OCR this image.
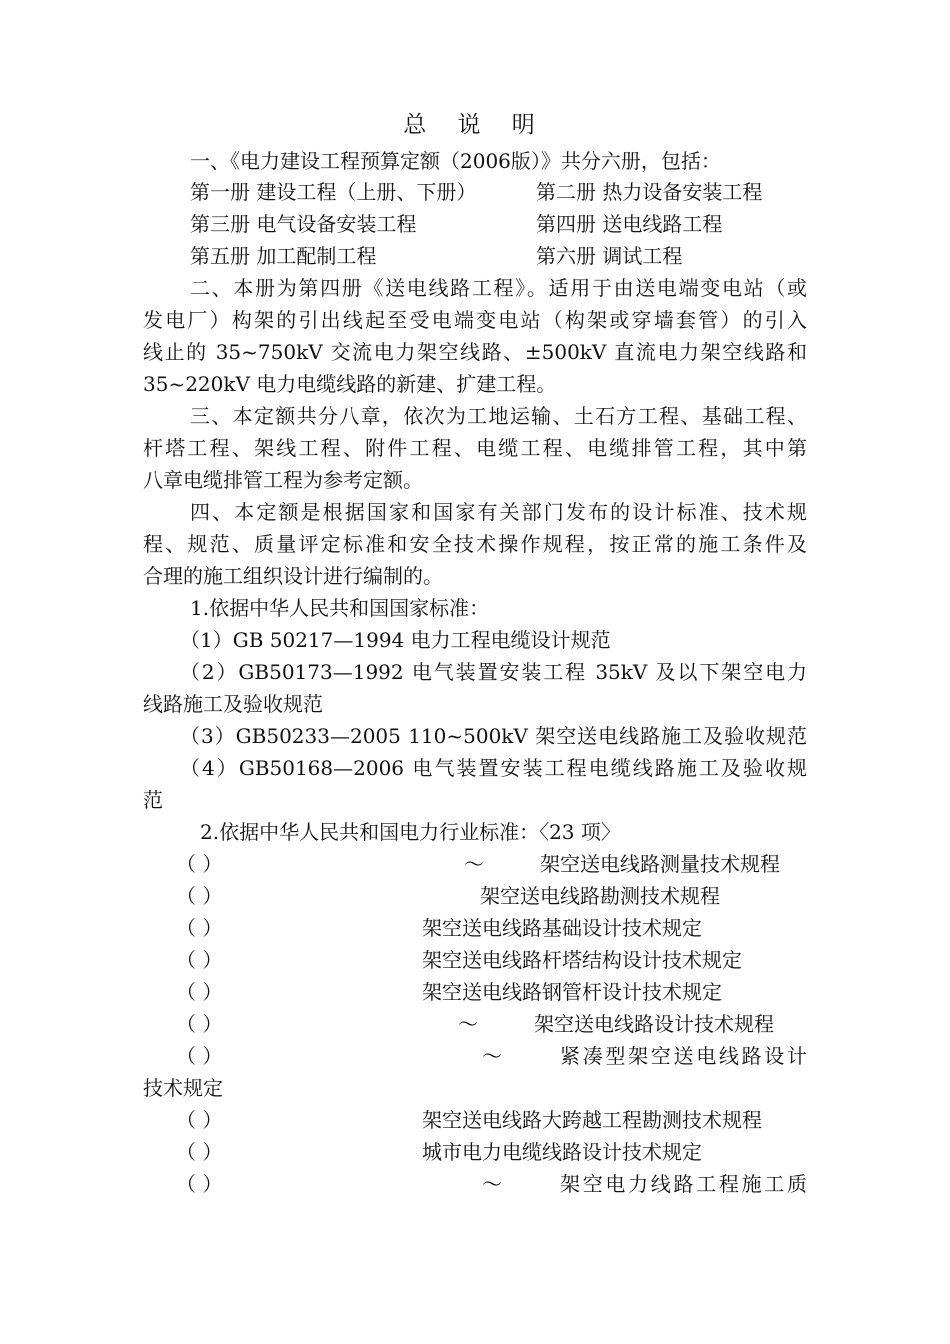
总 说 明
一、《电力建设工程预算定额（2006版）》共分六册，包括：
第一册 建设工程（上册、下册）	第二册 热力设备安装工程
第三册 电气设备安装工程	第四册 送电线路工程
第五册 加工配制工程	第六册 调试工程
二、本册为第四册《送电线路工程》。适用于由送电端变电站（或
发电厂）构架的引出线起至受电端变电站（构架或穿墙套管）的引入
线止的 35~750kV 交流电力架空线路、±500kV 直流电力架空线路和
35~220kV 电力电缆线路的新建、扩建工程。
三、本定额共分八章，依次为工地运输、土石方工程、基础工程、
杆塔工程、架线工程、附件工程、电缆工程、电缆排管工程，其中第
八章电缆排管工程为参考定额。
四、本定额是根据国家和国家有关部门发布的设计标准、技术规
程、规范、质量评定标准和安全技术操作规程，按正常的施工条件及
合理的施工组织设计进行编制的。
1.依据中华人民共和国国家标准：
（1）GB 50217—1994 电力工程电缆设计规范
（2）GB50173—1992 电气装置安装工程 35kV 及以下架空电力
线路施工及验收规范
（3）GB50233—2005 110~500kV 架空送电线路施工及验收规范
（4）GB50168—2006 电气装置安装工程电缆线路施工及验收规
范
2.依据中华人民共和国电力行业标准：〈23 项〉
（ ）	～	架空送电线路测量技术规程
（ ）	架空送电线路勘测技术规程
（ ）	架空送电线路基础设计技术规定
（ ）	架空送电线路杆塔结构设计技术规定
（ ）	架空送电线路钢管杆设计技术规定
（ ）	～	架空送电线路设计技术规程
（ ）	～	紧凑型架空送电线路设计
技术规定
（ ）	架空送电线路大跨越工程勘测技术规程
（ ）	城市电力电缆线路设计技术规定
（ ）	～	架空电力线路工程施工质
